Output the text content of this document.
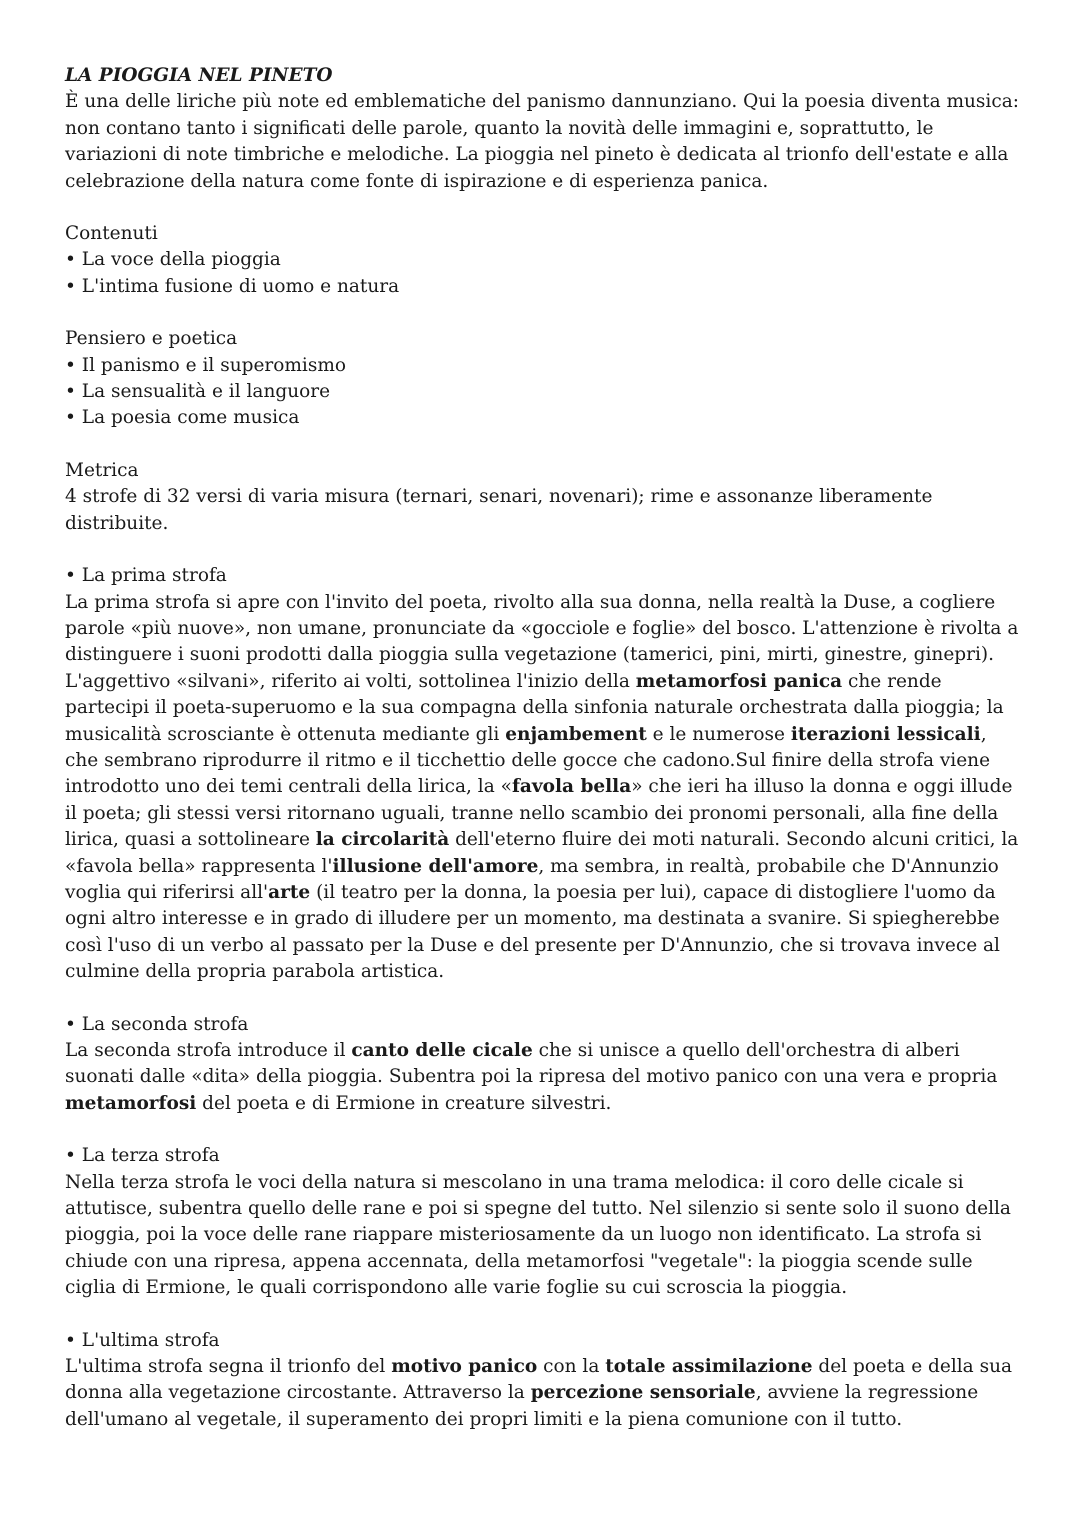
LA PIOGGIA NEL PINETO

È una delle liriche più note ed emblematiche del panismo dannunziano. Qui la poesia diventa musica: non contano tanto i significati delle parole, quanto la novità delle immagini e, soprattutto, le variazioni di note timbriche e melodiche. La pioggia nel pineto è dedicata al trionfo dell'estate e alla celebrazione della natura come fonte di ispirazione e di esperienza panica.

Contenuti

• La voce della pioggia

• L'intima fusione di uomo e natura

Pensiero e poetica

• Il panismo e il superomismo

• La sensualità e il languore

• La poesia come musica

Metrica

4 strofe di 32 versi di varia misura (ternari, senari, novenari); rime e assonanze liberamente distribuite.

• La prima strofa

La prima strofa si apre con l'invito del poeta, rivolto alla sua donna, nella realtà la Duse, a cogliere parole «più nuove», non umane, pronunciate da «gocciole e foglie» del bosco. L'attenzione è rivolta a distinguere i suoni prodotti dalla pioggia sulla vegetazione (tamerici, pini, mirti, ginestre, ginepri). L'aggettivo «silvani», riferito ai volti, sottolinea l'inizio della metamorfosi panica che rende partecipi il poeta-superuomo e la sua compagna della sinfonia naturale orchestrata dalla pioggia; la musicalità scrosciante è ottenuta mediante gli enjambement e le numerose iterazioni lessicali, che sembrano riprodurre il ritmo e il ticchettio delle gocce che cadono.Sul finire della strofa viene introdotto uno dei temi centrali della lirica, la «favola bella» che ieri ha illuso la donna e oggi illude il poeta; gli stessi versi ritornano uguali, tranne nello scambio dei pronomi personali, alla fine della lirica, quasi a sottolineare la circolarità dell'eterno fluire dei moti naturali. Secondo alcuni critici, la «favola bella» rappresenta l'illusione dell'amore, ma sembra, in realtà, probabile che D'Annunzio voglia qui riferirsi all'arte (il teatro per la donna, la poesia per lui), capace di distogliere l'uomo da ogni altro interesse e in grado di illudere per un momento, ma destinata a svanire. Si spiegherebbe così l'uso di un verbo al passato per la Duse e del presente per D'Annunzio, che si trovava invece al culmine della propria parabola artistica.

• La seconda strofa

La seconda strofa introduce il canto delle cicale che si unisce a quello dell'orchestra di alberi suonati dalle «dita» della pioggia. Subentra poi la ripresa del motivo panico con una vera e propria metamorfosi del poeta e di Ermione in creature silvestri.

• La terza strofa

Nella terza strofa le voci della natura si mescolano in una trama melodica: il coro delle cicale si attutisce, subentra quello delle rane e poi si spegne del tutto. Nel silenzio si sente solo il suono della pioggia, poi la voce delle rane riappare misteriosamente da un luogo non identificato. La strofa si chiude con una ripresa, appena accennata, della metamorfosi "vegetale": la pioggia scende sulle ciglia di Ermione, le quali corrispondono alle varie foglie su cui scroscia la pioggia.

• L'ultima strofa

L'ultima strofa segna il trionfo del motivo panico con la totale assimilazione del poeta e della sua donna alla vegetazione circostante. Attraverso la percezione sensoriale, avviene la regressione dell'umano al vegetale, il superamento dei propri limiti e la piena comunione con il tutto.
